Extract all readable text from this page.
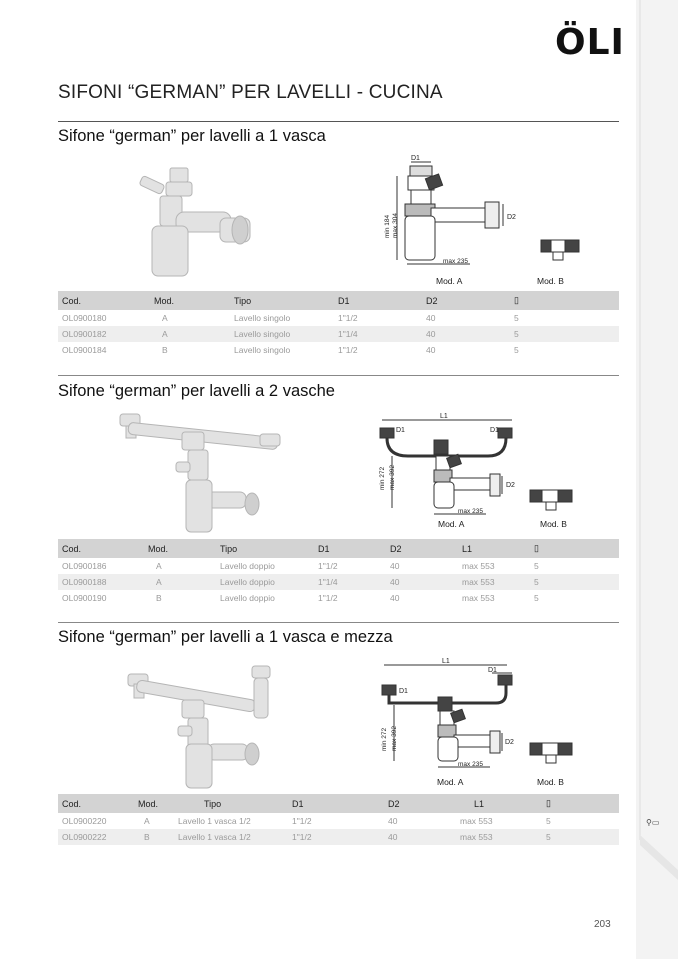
⚲▭
ÖLI
SIFONI “GERMAN” PER LAVELLI - CUCINA
Sifone “german” per lavelli a 1 vasca
D1
D2
min 184 max 304
max 235
Mod. A	Mod. B
Cod.	Mod.	Tipo	D1	D2	▯
OL0900180	A	Lavello singolo	1"1/2	40	5
OL0900182	A	Lavello singolo	1"1/4	40	5
OL0900184	B	Lavello singolo	1"1/2	40	5
Sifone “german” per lavelli a 2 vasche
L1
D1	D1
D2
min 272 max 392
max 235
Mod. A	Mod. B
Cod.	Mod.	Tipo	D1	D2	L1	▯
OL0900186	A	Lavello doppio	1"1/2	40	max 553	5
OL0900188	A	Lavello doppio	1"1/4	40	max 553	5
OL0900190	B	Lavello doppio	1"1/2	40	max 553	5
Sifone “german” per lavelli a 1 vasca e mezza
L1
D1
D1
D2
min 272 max 392
max 235
Mod. A	Mod. B
Cod.	Mod.	Tipo	D1	D2	L1	▯
OL0900220	A	Lavello 1 vasca 1/2	1"1/2	40	max 553	5
OL0900222	B	Lavello 1 vasca 1/2	1"1/2	40	max 553	5
203
